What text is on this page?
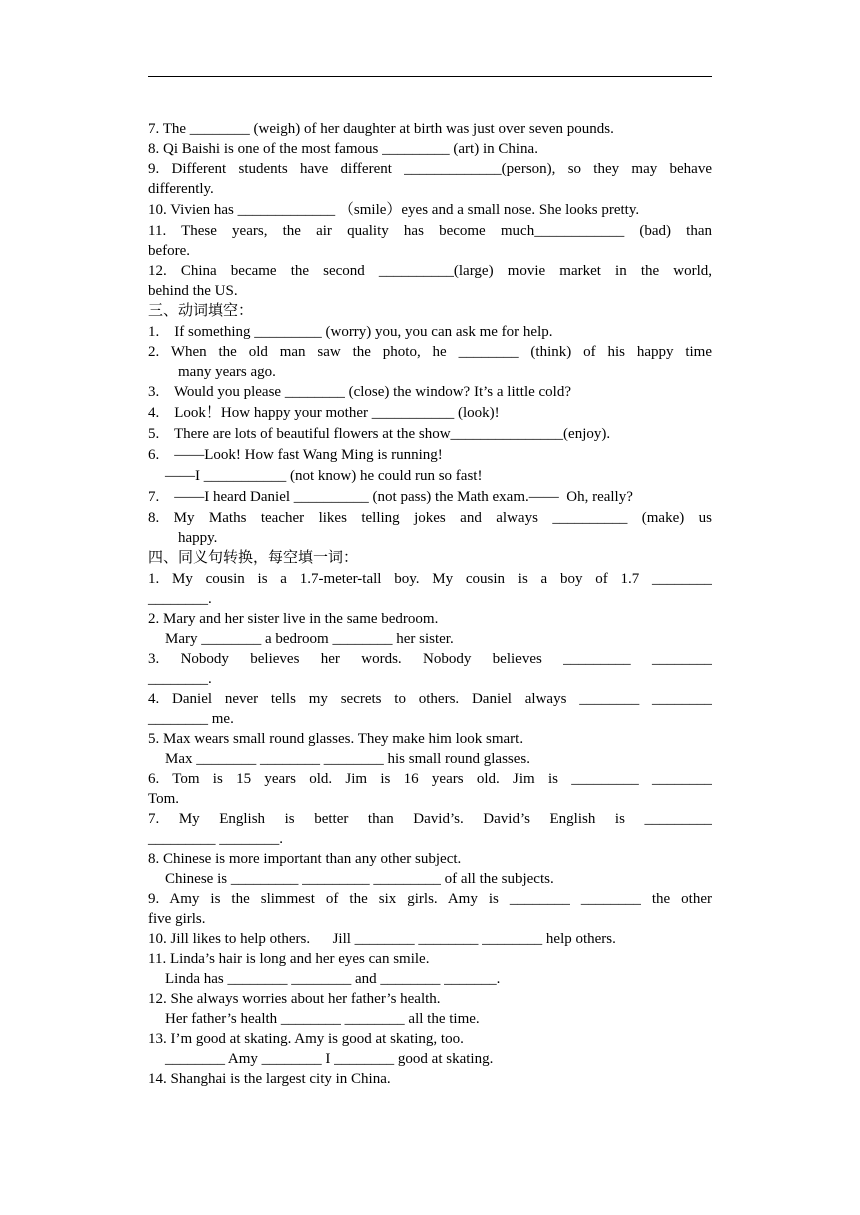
7. The ________ (weigh) of her daughter at birth was just over seven pounds.
8. Qi Baishi is one of the most famous _________ (art) in China.
9. Different students have different _____________(person), so they may behave
differently.
10. Vivien has _____________ （smile）eyes and a small nose. She looks pretty.
11. These years, the air quality has become much____________ (bad) than
before.
12. China became the second __________(large) movie market in the world,
behind the US.
三、动词填空：
1.    If something _________ (worry) you, you can ask me for help.
2. When the old man saw the photo, he ________ (think) of his happy time
many years ago.
3.    Would you please ________ (close) the window? It’s a little cold?
4.    Look！How happy your mother ___________ (look)!
5.    There are lots of beautiful flowers at the show_______________(enjoy).
6.    ——Look! How fast Wang Ming is running!
——I ___________ (not know) he could run so fast!
7.    ——I heard Daniel __________ (not pass) the Math exam.——  Oh, really?
8. My Maths teacher likes telling jokes and always __________ (make) us
happy.
四、同义句转换，每空填一词：
1. My cousin is a 1.7-meter-tall boy. My cousin is a boy of 1.7 ________
________.
2. Mary and her sister live in the same bedroom.
Mary ________ a bedroom ________ her sister.
3. Nobody believes her words. Nobody believes _________ ________
________.
4. Daniel never tells my secrets to others. Daniel always ________ ________
________ me.
5. Max wears small round glasses. They make him look smart.
Max ________ ________ ________ his small round glasses.
6. Tom is 15 years old. Jim is 16 years old. Jim is _________ ________
Tom.
7. My English is better than David’s. David’s English is _________
_________ ________.
8. Chinese is more important than any other subject.
Chinese is _________ _________ _________ of all the subjects.
9. Amy is the slimmest of the six girls. Amy is ________ ________ the other
five girls.
10. Jill likes to help others.      Jill ________ ________ ________ help others.
11. Linda’s hair is long and her eyes can smile.
Linda has ________ ________ and ________ _______.
12. She always worries about her father’s health.
Her father’s health ________ ________ all the time.
13. I’m good at skating. Amy is good at skating, too.
________ Amy ________ I ________ good at skating.
14. Shanghai is the largest city in China.
